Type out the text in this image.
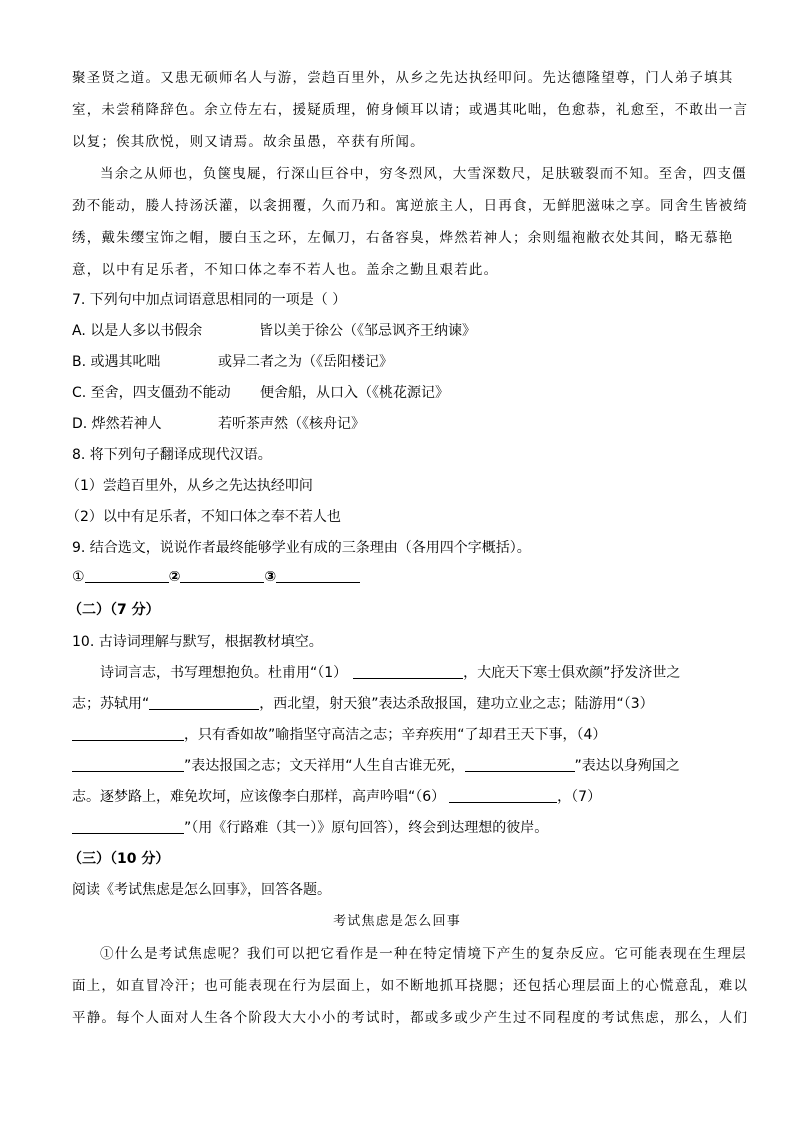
聚圣贤之道。又患无硕师名人与游，尝趋百里外，从乡之先达执经叩问。先达德隆望尊，门人弟子填其
室，未尝稍降辞色。余立侍左右，援疑质理，俯身倾耳以请；或遇其叱咄，色愈恭，礼愈至，不敢出一言
以复；俟其欣悦，则又请焉。故余虽愚，卒获有所闻。
当余之从师也，负箧曳屣，行深山巨谷中，穷冬烈风，大雪深数尺，足肤皲裂而不知。至舍，四支僵
劲不能动，媵人持汤沃灌，以衾拥覆，久而乃和。寓逆旅主人，日再食，无鲜肥滋味之享。同舍生皆被绮
绣，戴朱缨宝饰之帽，腰白玉之环，左佩刀，右备容臭，烨然若神人；余则缊袍敝衣处其间，略无慕艳
意，以中有足乐者，不知口体之奉不若人也。盖余之勤且艰若此。
7. 下列句中加点词语意思相同的一项是（ ）
A. 以是人多以书假余	皆以美于徐公（《邹忌讽齐王纳谏》
B. 或遇其叱咄	或异二者之为（《岳阳楼记》
C. 至舍，四支僵劲不能动 便舍船，从口入（《桃花源记》
D. 烨然若神人	若听茶声然（《核舟记》
8. 将下列句子翻译成现代汉语。
（1）尝趋百里外，从乡之先达执经叩问
（2）以中有足乐者，不知口体之奉不若人也
9. 结合选文，说说作者最终能够学业有成的三条理由（各用四个字概括）。
①	②	③
（二）（7 分）
10. 古诗词理解与默写，根据教材填空。
诗词言志，书写理想抱负。杜甫用“（1）	，大庇天下寒士俱欢颜”抒发济世之
志；苏轼用“	，西北望，射天狼”表达杀敌报国，建功立业之志；陆游用“（3）
，只有香如故”喻指坚守高洁之志；辛弃疾用“了却君王天下事，（4）
”表达报国之志；文天祥用“人生自古谁无死，	”表达以身殉国之
志。逐梦路上，难免坎坷，应该像李白那样，高声吟唱“（6）	，（7）
”（用《行路难（其一）》原句回答），终会到达理想的彼岸。
（三）（10 分）
阅读《考试焦虑是怎么回事》，回答各题。
考试焦虑是怎么回事
①什么是考试焦虑呢？我们可以把它看作是一种在特定情境下产生的复杂反应。它可能表现在生理层
面上，如直冒冷汗；也可能表现在行为层面上，如不断地抓耳挠腮；还包括心理层面上的心慌意乱，难以
平静。每个人面对人生各个阶段大大小小的考试时，都或多或少产生过不同程度的考试焦虑，那么，人们
